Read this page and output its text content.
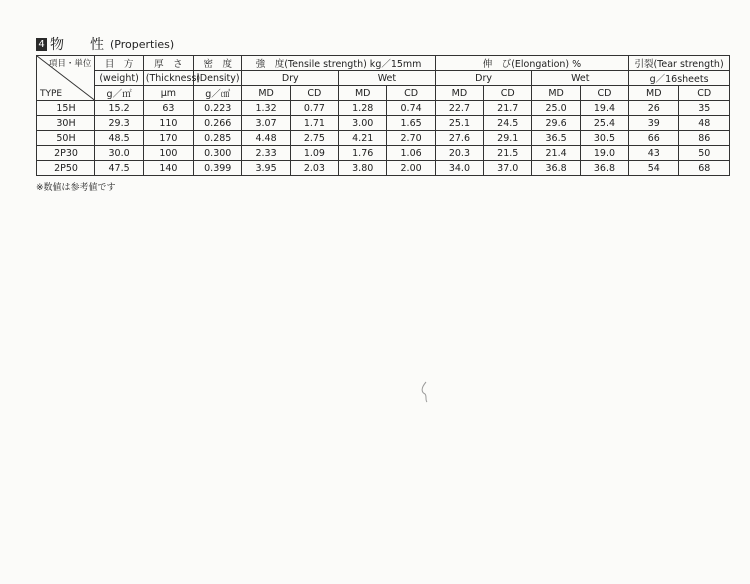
4 物　性 (Properties)
項目・単位
TYPE	目　方	厚　さ	密　度	強　度(Tensile strength) kg／15mm				伸　び(Elongation) %				引裂(Tear strength)	
	(weight)	(Thickness)	(Density)	Dry		Wet		Dry		Wet		g／16sheets	
	g／㎡	μm	g／㎤	MD	CD	MD	CD	MD	CD	MD	CD	MD	CD
15H	15.2	63	0.223	1.32	0.77	1.28	0.74	22.7	21.7	25.0	19.4	26	35
30H	29.3	110	0.266	3.07	1.71	3.00	1.65	25.1	24.5	29.6	25.4	39	48
50H	48.5	170	0.285	4.48	2.75	4.21	2.70	27.6	29.1	36.5	30.5	66	86
2P30	30.0	100	0.300	2.33	1.09	1.76	1.06	20.3	21.5	21.4	19.0	43	50
2P50	47.5	140	0.399	3.95	2.03	3.80	2.00	34.0	37.0	36.8	36.8	54	68
※数値は参考値です
